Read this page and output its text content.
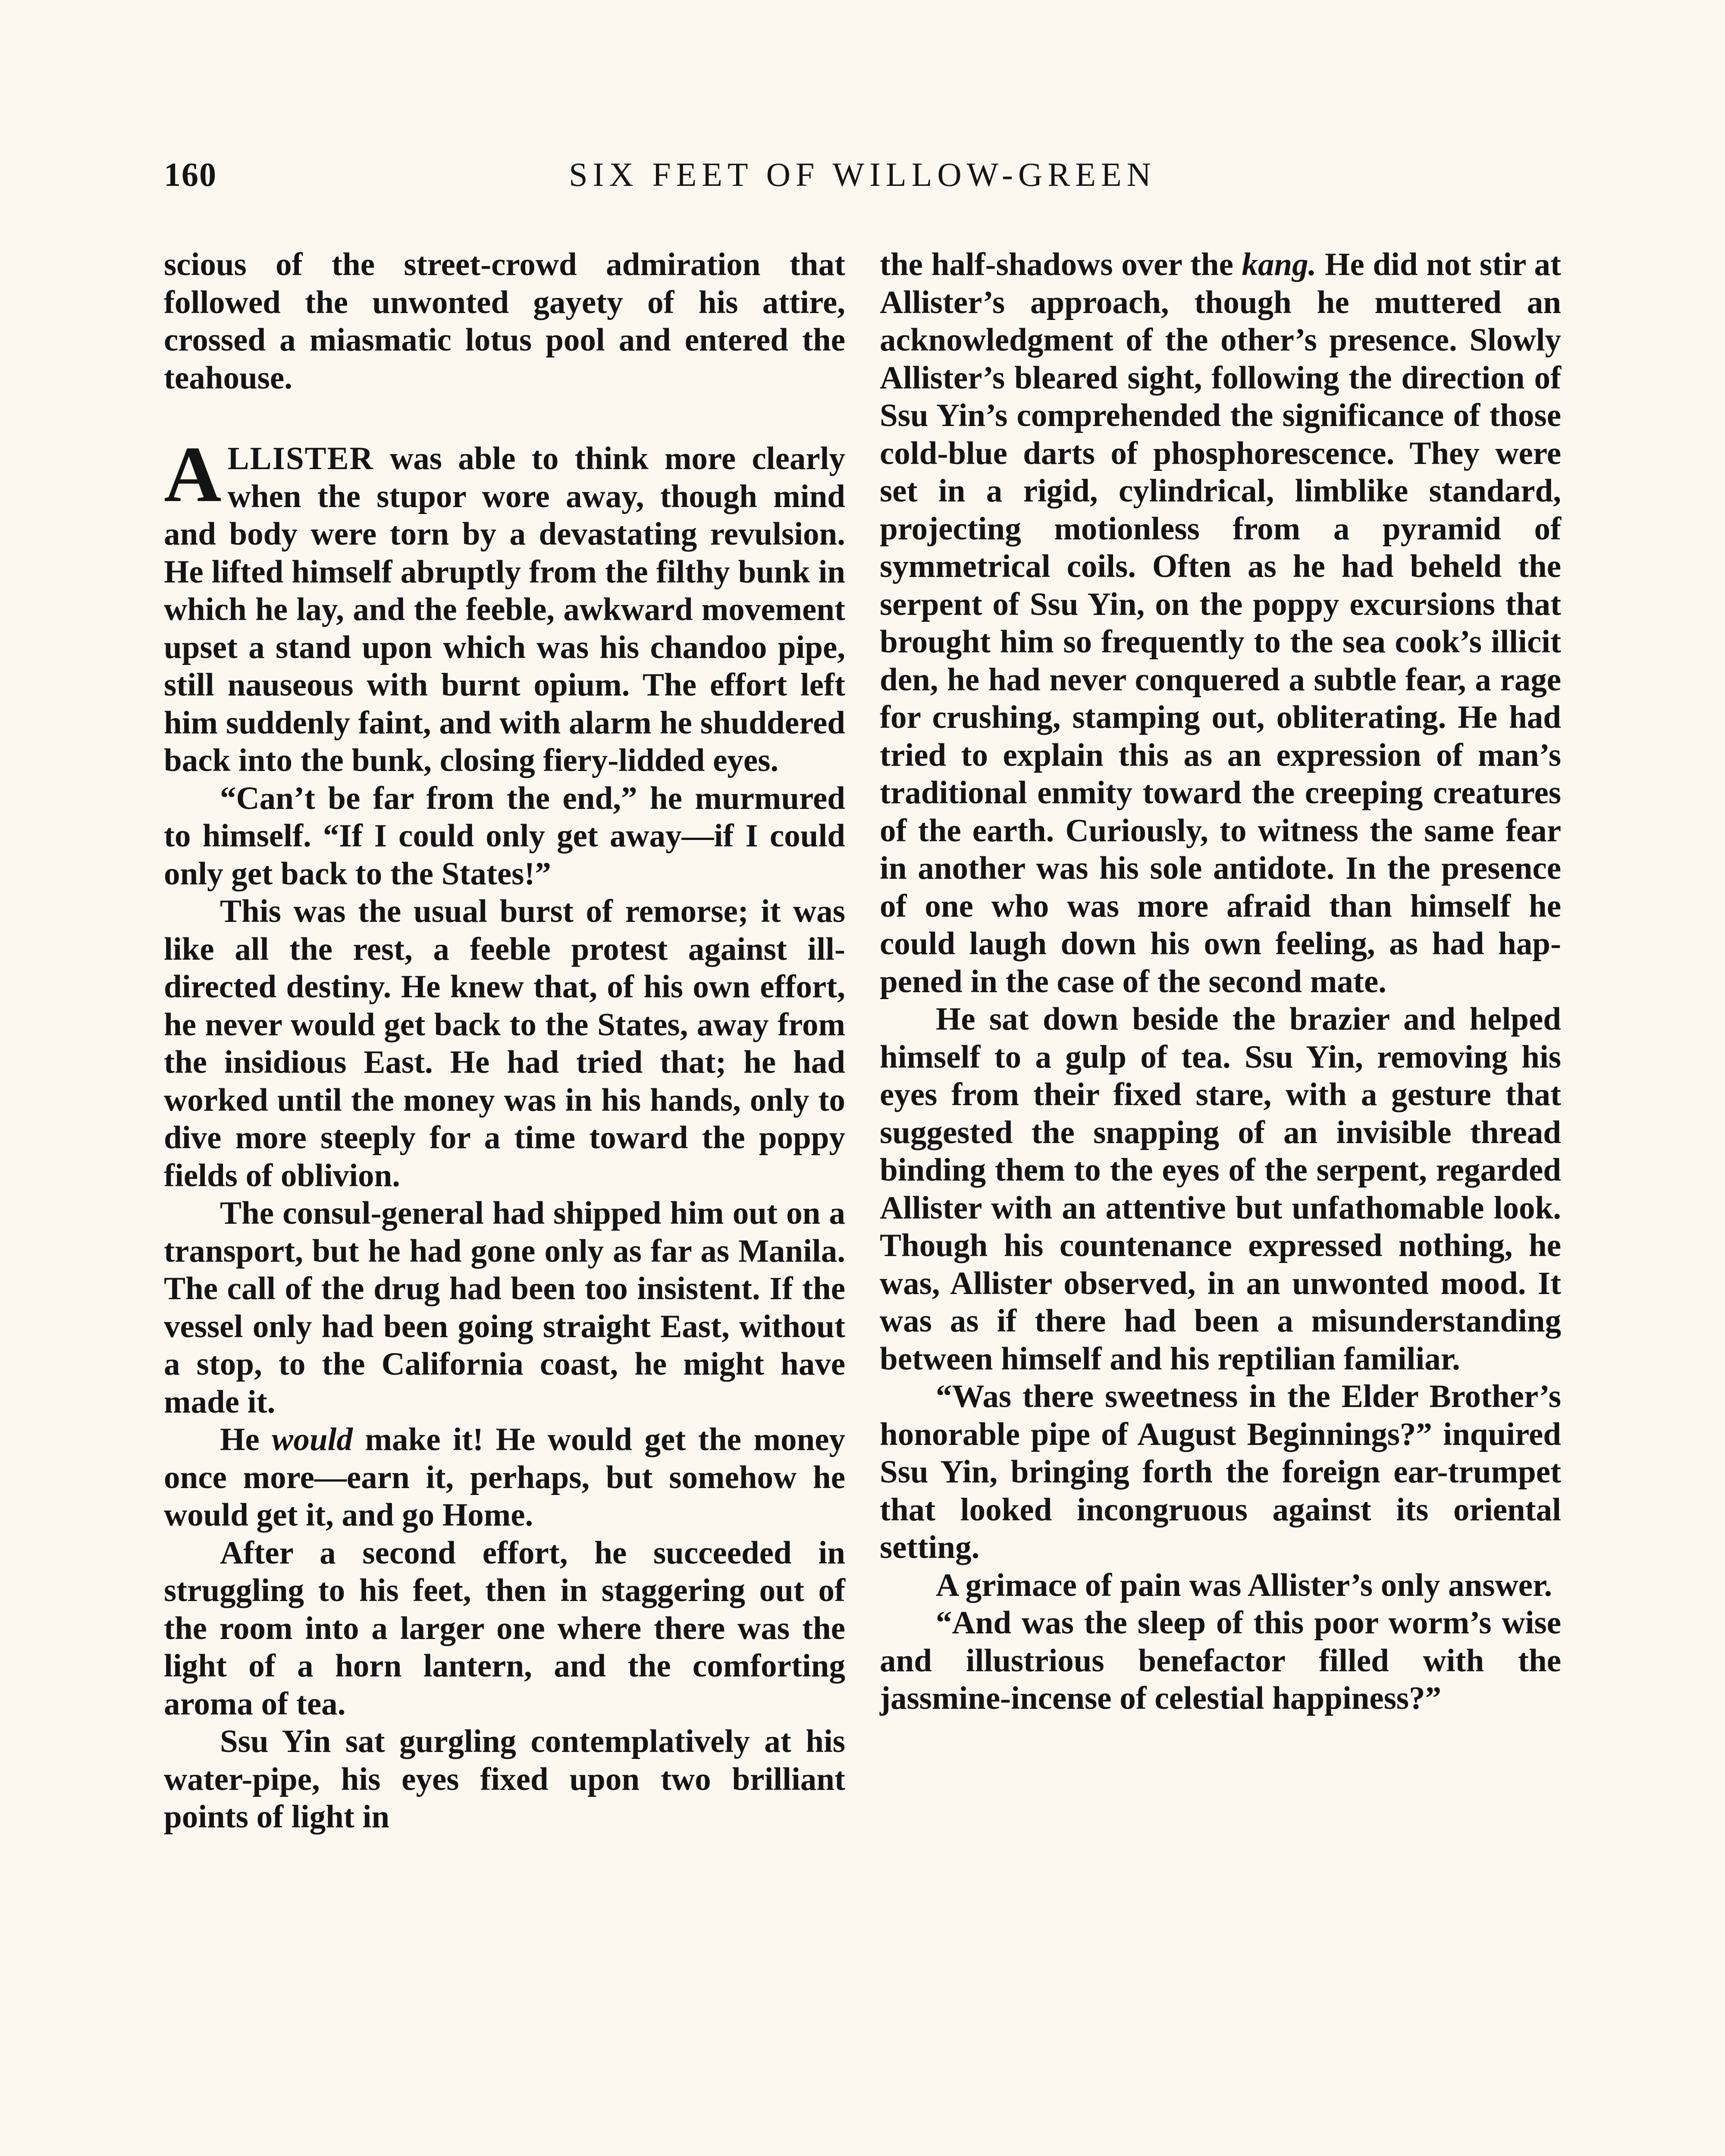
160	SIX FEET OF WILLOW-GREEN

scious of the street-crowd admiration that followed the unwonted gayety of his attire, crossed a miasmatic lotus pool and entered the teahouse.

ALLISTER was able to think more clearly when the stupor wore away, though mind and body were torn by a devastating revulsion. He lifted himself abruptly from the filthy bunk in which he lay, and the feeble, awkward movement upset a stand upon which was his chandoo pipe, still nauseous with burnt opium. The effort left him suddenly faint, and with alarm he shuddered back into the bunk, closing fiery-lidded eyes.

“Can’t be far from the end,” he murmured to himself. “If I could only get away—if I could only get back to the States!”

This was the usual burst of remorse; it was like all the rest, a feeble protest against ill-directed destiny. He knew that, of his own effort, he never would get back to the States, away from the insidious East. He had tried that; he had worked until the money was in his hands, only to dive more steeply for a time toward the poppy fields of oblivion.

The consul-general had shipped him out on a transport, but he had gone only as far as Manila. The call of the drug had been too insistent. If the vessel only had been going straight East, without a stop, to the California coast, he might have made it.

He would make it! He would get the money once more—earn it, perhaps, but somehow he would get it, and go Home.

After a second effort, he succeeded in struggling to his feet, then in staggering out of the room into a larger one where there was the light of a horn lantern, and the comforting aroma of tea.

Ssu Yin sat gurgling contemplatively at his water-pipe, his eyes fixed upon two brilliant points of light in

the half-shadows over the kang. He did not stir at Allister’s approach, though he muttered an acknowledgment of the other’s presence. Slowly Allister’s bleared sight, following the direction of Ssu Yin’s comprehended the significance of those cold-blue darts of phosphorescence. They were set in a rigid, cylindrical, limblike standard, projecting motionless from a pyramid of symmetrical coils. Often as he had beheld the serpent of Ssu Yin, on the poppy excursions that brought him so frequently to the sea cook’s illicit den, he had never conquered a subtle fear, a rage for crushing, stamping out, obliterating. He had tried to explain this as an expression of man’s traditional enmity toward the creeping creatures of the earth. Curiously, to witness the same fear in another was his sole antidote. In the presence of one who was more afraid than himself he could laugh down his own feeling, as had happened in the case of the second mate.

He sat down beside the brazier and helped himself to a gulp of tea. Ssu Yin, removing his eyes from their fixed stare, with a gesture that suggested the snapping of an invisible thread binding them to the eyes of the serpent, regarded Allister with an attentive but unfathomable look. Though his countenance expressed nothing, he was, Allister observed, in an unwonted mood. It was as if there had been a misunderstanding between himself and his reptilian familiar.

“Was there sweetness in the Elder Brother’s honorable pipe of August Beginnings?” inquired Ssu Yin, bringing forth the foreign ear-trumpet that looked incongruous against its oriental setting.

A grimace of pain was Allister’s only answer.

“And was the sleep of this poor worm’s wise and illustrious benefactor filled with the jassmine-incense of celestial happiness?”
